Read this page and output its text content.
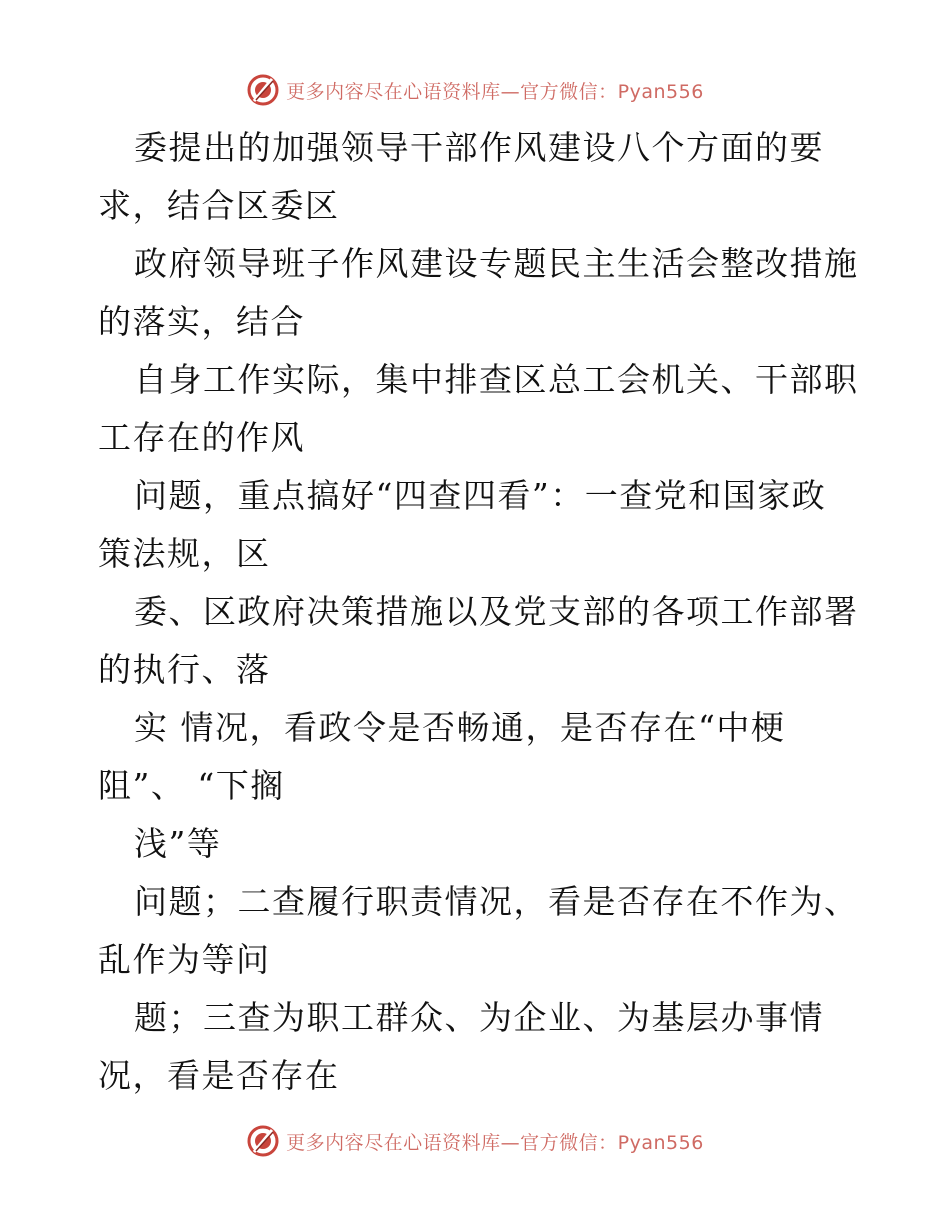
更多内容尽在心语资料库—官方微信：Pyan556
委提出的加强领导干部作风建设八个方面的要
求，结合区委区
政府领导班子作风建设专题民主生活会整改措施
的落实，结合
自身工作实际，集中排查区总工会机关、干部职
工存在的作风
问题，重点搞好“四查四看”：一查党和国家政
策法规，区
委、区政府决策措施以及党支部的各项工作部署
的执行、落
实 情况，看政令是否畅通，是否存在“中梗
阻”、 “下搁
浅”等
问题；二查履行职责情况，看是否存在不作为、
乱作为等问
题；三查为职工群众、为企业、为基层办事情
况，看是否存在
更多内容尽在心语资料库—官方微信：Pyan556
